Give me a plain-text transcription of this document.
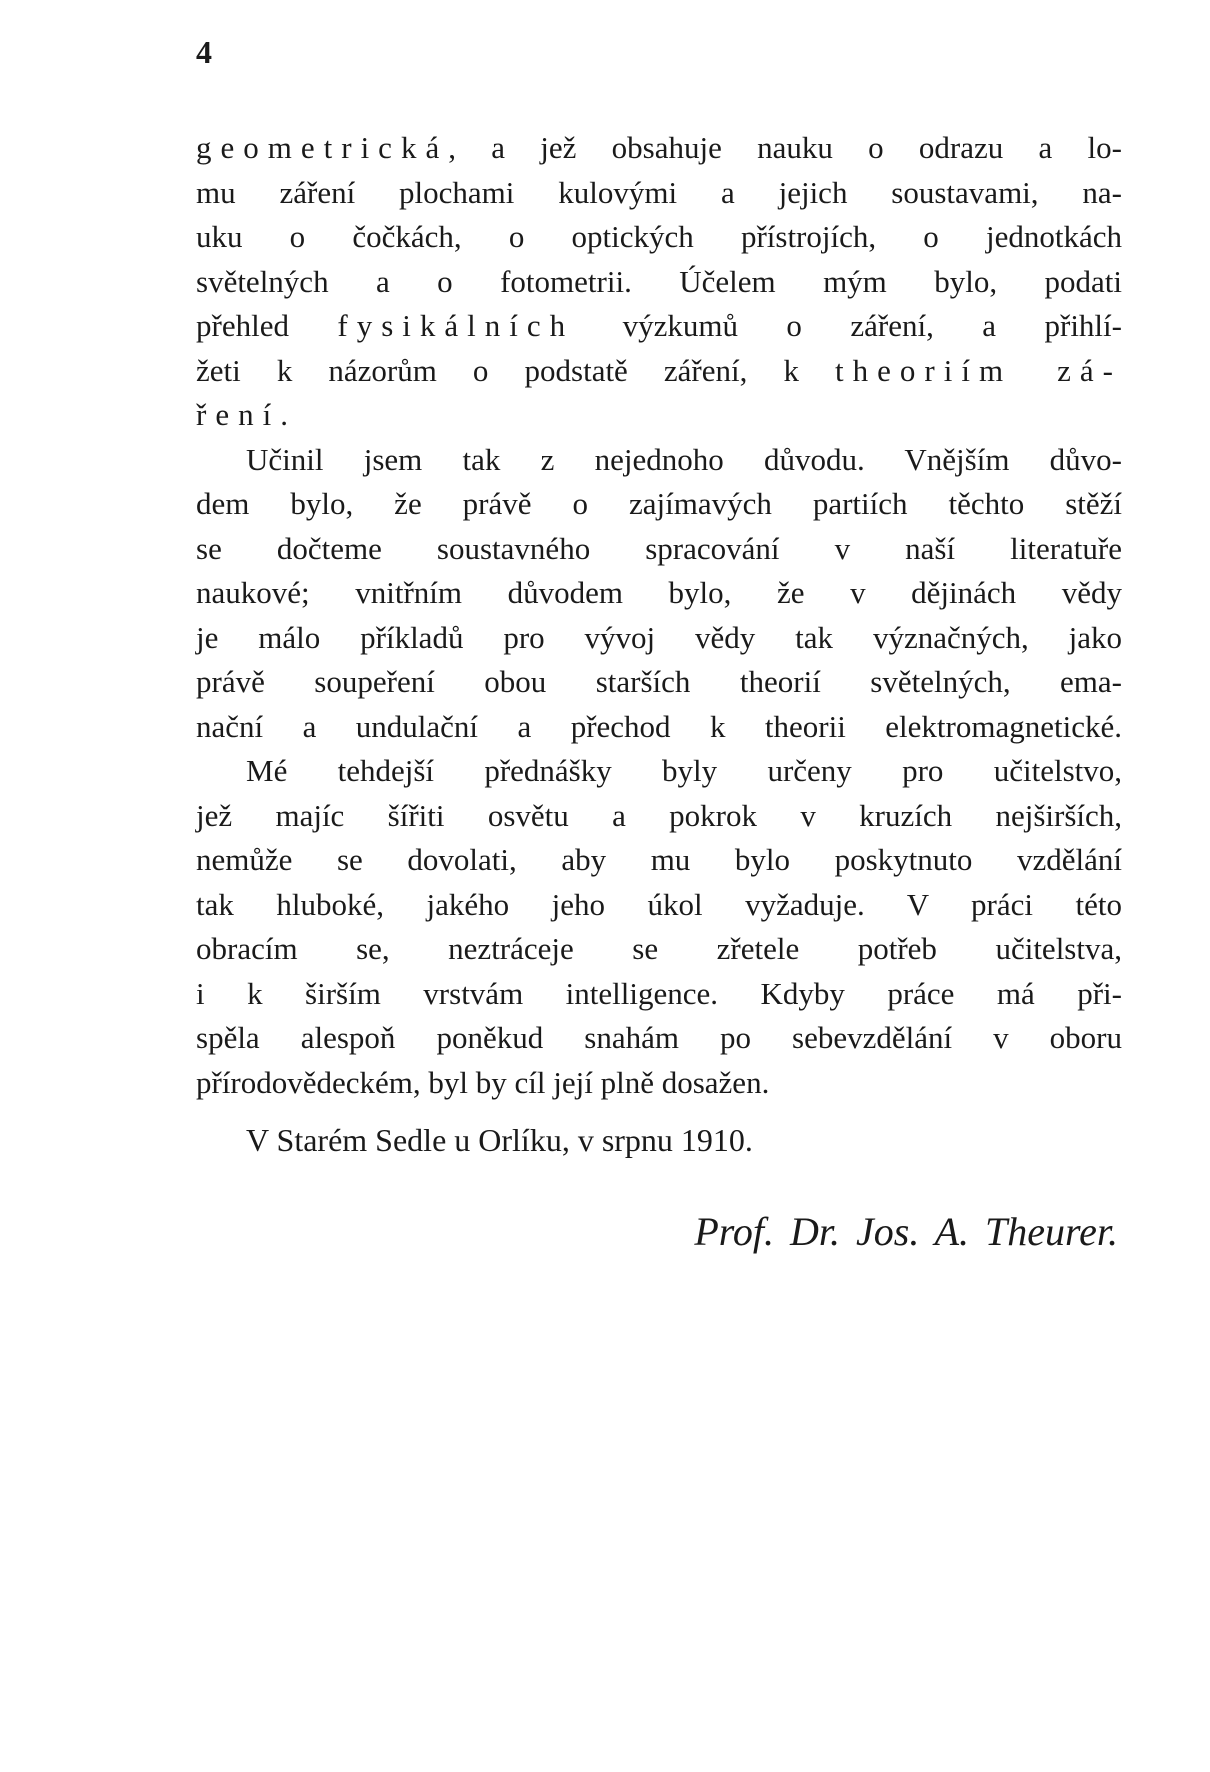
4
geometrická, a jež obsahuje nauku o odrazu a lo-
mu záření plochami kulovými a jejich soustavami, na-
uku o čočkách, o optických přístrojích, o jednotkách
světelných a o fotometrii. Účelem mým bylo, podati
přehled fysikálních výzkumů o záření, a přihlí-
žeti k názorům o podstatě záření, k theoriím zá-
ření.
Učinil jsem tak z nejednoho důvodu. Vnějším důvo-
dem bylo, že právě o zajímavých partiích těchto stěží
se dočteme soustavného spracování v naší literatuře
naukové; vnitřním důvodem bylo, že v dějinách vědy
je málo příkladů pro vývoj vědy tak význačných, jako
právě soupeření obou starších theorií světelných, ema-
nační a undulační a přechod k theorii elektromagnetické.
Mé tehdejší přednášky byly určeny pro učitelstvo,
jež majíc šířiti osvětu a pokrok v kruzích nejširších,
nemůže se dovolati, aby mu bylo poskytnuto vzdělání
tak hluboké, jakého jeho úkol vyžaduje. V práci této
obracím se, neztráceje se zřetele potřeb učitelstva,
i k širším vrstvám intelligence. Kdyby práce má při-
spěla alespoň poněkud snahám po sebevzdělání v oboru
přírodovědeckém, byl by cíl její plně dosažen.
V Starém Sedle u Orlíku, v srpnu 1910.
Prof. Dr. Jos. A. Theurer.
